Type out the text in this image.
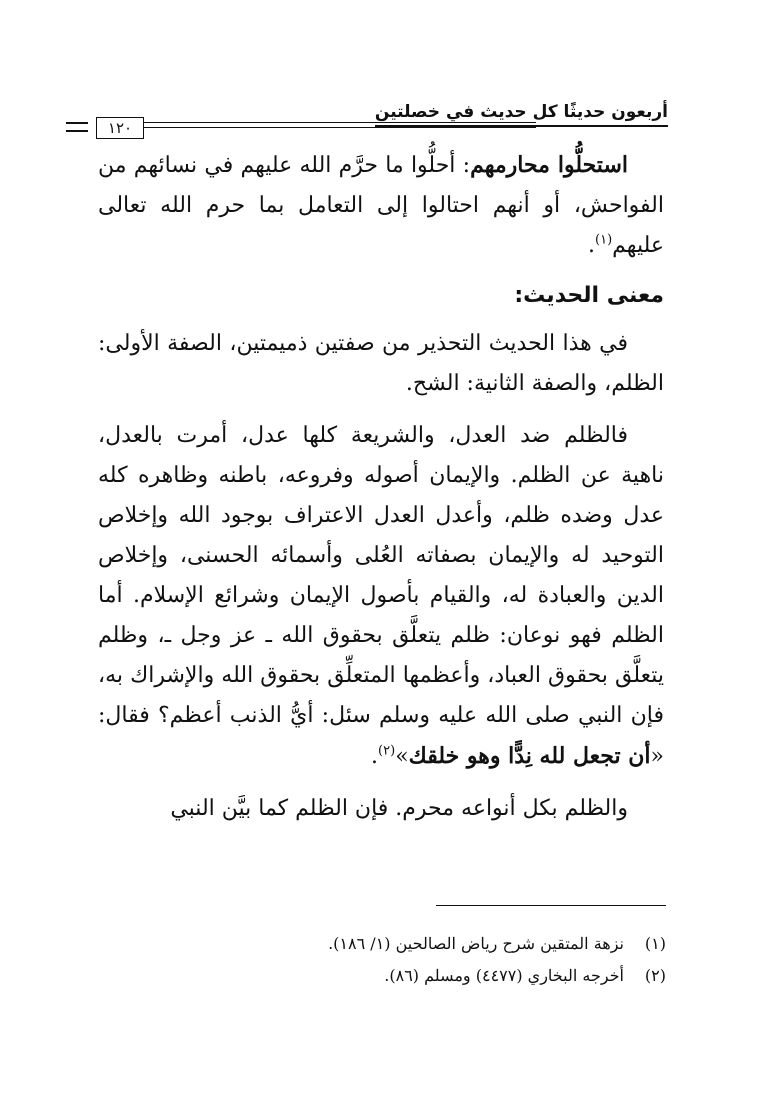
أربعون حديثًا كل حديث في خصلتين
١٢٠

استحلُّوا محارمهم: أحلُّوا ما حرَّم الله عليهم في نسائهم من الفواحش، أو أنهم احتالوا إلى التعامل بما حرم الله تعالى عليهم$^{(١)}$.

معنى الحديث:

في هذا الحديث التحذير من صفتين ذميمتين، الصفة الأولى: الظلم، والصفة الثانية: الشح.

فالظلم ضد العدل، والشريعة كلها عدل، أمرت بالعدل، ناهية عن الظلم. والإيمان أصوله وفروعه، باطنه وظاهره كله عدل وضده ظلم، وأعدل العدل الاعتراف بوجود الله وإخلاص التوحيد له والإيمان بصفاته العُلى وأسمائه الحسنى، وإخلاص الدين والعبادة له، والقيام بأصول الإيمان وشرائع الإسلام. أما الظلم فهو نوعان: ظلم يتعلَّق بحقوق الله ـ عز وجل ـ، وظلم يتعلَّق بحقوق العباد، وأعظمها المتعلِّق بحقوق الله والإشراك به، فإن النبي صلى الله عليه وسلم سئل: أيُّ الذنب أعظم؟ فقال: «أن تجعل لله نِدًّا وهو خلقك»$^{(٢)}$.

والظلم بكل أنواعه محرم. فإن الظلم كما بيَّن النبي

(١)نزهة المتقين شرح رياض الصالحين (١/ ١٨٦).

(٢)أخرجه البخاري (٤٤٧٧) ومسلم (٨٦).
